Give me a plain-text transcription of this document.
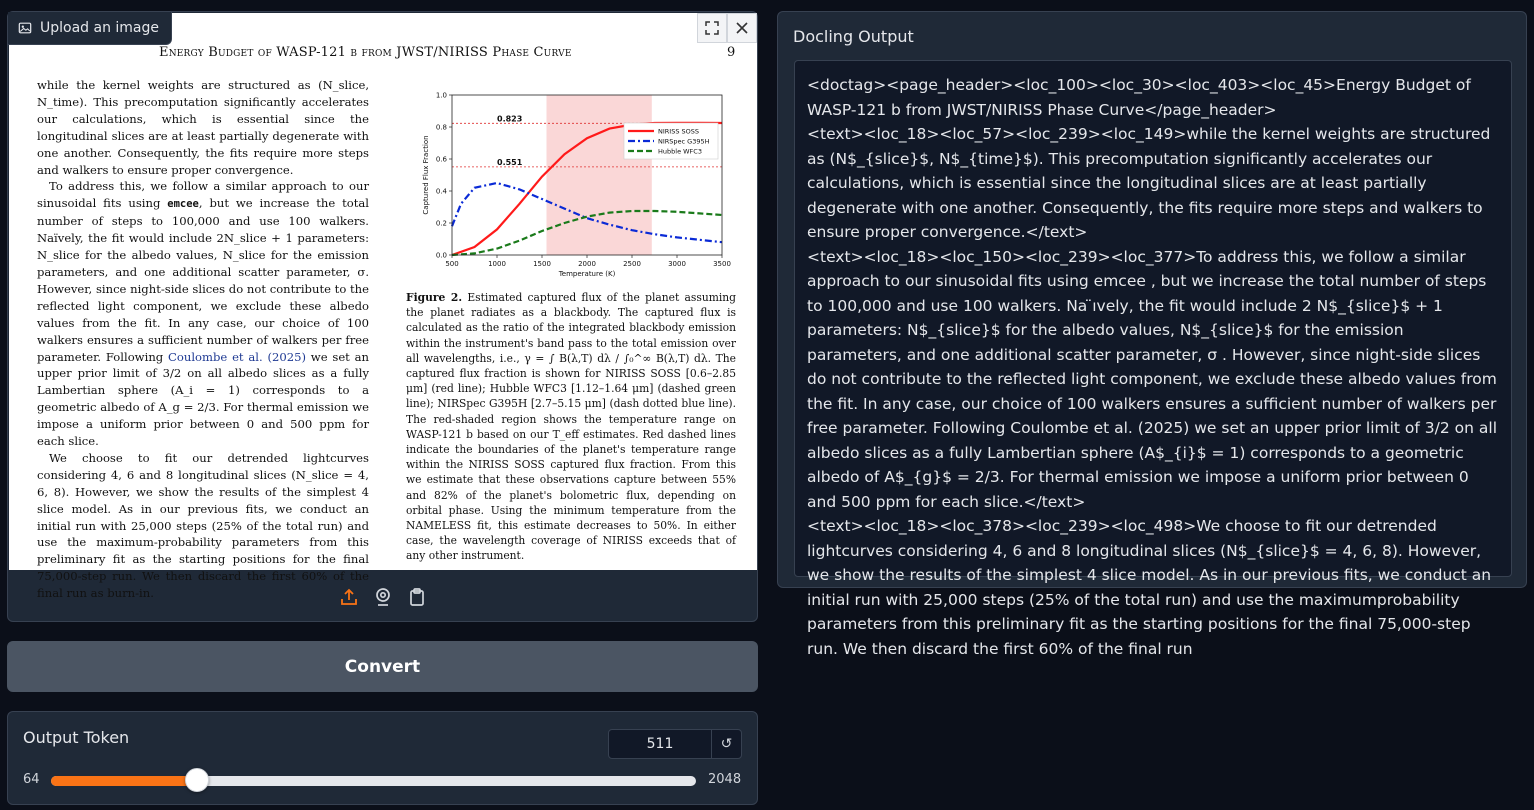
Upload an image
Energy Budget of WASP-121 b from JWST/NIRISS Phase Curve	9

while the kernel weights are structured as (N_slice, N_time). This precomputation significantly accelerates our calculations, which is essential since the longitudinal slices are at least partially degenerate with one another. Consequently, the fits require more steps and walkers to ensure proper convergence.

To address this, we follow a similar approach to our sinusoidal fits using emcee, but we increase the total number of steps to 100,000 and use 100 walkers. Naïvely, the fit would include 2N_slice + 1 parameters: N_slice for the albedo values, N_slice for the emission parameters, and one additional scatter parameter, σ. However, since night-side slices do not contribute to the reflected light component, we exclude these albedo values from the fit. In any case, our choice of 100 walkers ensures a sufficient number of walkers per free parameter. Following Coulombe et al. (2025) we set an upper prior limit of 3/2 on all albedo slices as a fully Lambertian sphere (A_i = 1) corresponds to a geometric albedo of A_g = 2/3. For thermal emission we impose a uniform prior between 0 and 500 ppm for each slice.

We choose to fit our detrended lightcurves considering 4, 6 and 8 longitudinal slices (N_slice = 4, 6, 8). However, we show the results of the simplest 4 slice model. As in our previous fits, we conduct an initial run with 25,000 steps (25% of the total run) and use the maximum-probability parameters from this preliminary fit as the starting positions for the final 75,000-step run. We then discard the first 60% of the final run as burn-in.

0.823
0.551
500	1000	1500	2000	2500	3000	3500
0.0
0.2
0.4
0.6
0.8
1.0
Temperature (K)
Captured Flux Fraction
NIRISS SOSS
NIRSpec G395H
Hubble WFC3
Figure 2. Estimated captured flux of the planet assuming the planet radiates as a blackbody. The captured flux is calculated as the ratio of the integrated blackbody emission within the instrument's band pass to the total emission over all wavelengths, i.e., γ = ∫ B(λ,T) dλ / ∫₀^∞ B(λ,T) dλ. The captured flux fraction is shown for NIRISS SOSS [0.6–2.85 μm] (red line); Hubble WFC3 [1.12–1.64 μm] (dashed green line); NIRSpec G395H [2.7–5.15 μm] (dash dotted blue line). The red-shaded region shows the temperature range on WASP-121 b based on our T_eff estimates. Red dashed lines indicate the boundaries of the planet's temperature range within the NIRISS SOSS captured flux fraction. From this we estimate that these observations capture between 55% and 82% of the planet's bolometric flux, depending on orbital phase. Using the minimum temperature from the NAMELESS fit, this estimate decreases to 50%. In either case, the wavelength coverage of NIRISS exceeds that of any other instrument.
Convert
Output Token
511	↺
64	2048
Docling Output
<doctag><page_header><loc_100><loc_30><loc_403><loc_45>Energy Budget of WASP-121 b from JWST/NIRISS Phase Curve</page_header>
<text><loc_18><loc_57><loc_239><loc_149>while the kernel weights are structured as (N$_{slice}$, N$_{time}$). This precomputation significantly accelerates our calculations, which is essential since the longitudinal slices are at least partially degenerate with one another. Consequently, the fits require more steps and walkers to ensure proper convergence.</text>
<text><loc_18><loc_150><loc_239><loc_377>To address this, we follow a similar approach to our sinusoidal fits using emcee , but we increase the total number of steps to 100,000 and use 100 walkers. Na ̈ıvely, the fit would include 2 N$_{slice}$ + 1 parameters: N$_{slice}$ for the albedo values, N$_{slice}$ for the emission parameters, and one additional scatter parameter, σ . However, since night-side slices do not contribute to the reflected light component, we exclude these albedo values from the fit. In any case, our choice of 100 walkers ensures a sufficient number of walkers per free parameter. Following Coulombe et al. (2025) we set an upper prior limit of 3/2 on all albedo slices as a fully Lambertian sphere (A$_{i}$ = 1) corresponds to a geometric albedo of A$_{g}$ = 2/3. For thermal emission we impose a uniform prior between 0 and 500 ppm for each slice.</text>
<text><loc_18><loc_378><loc_239><loc_498>We choose to fit our detrended lightcurves considering 4, 6 and 8 longitudinal slices (N$_{slice}$ = 4, 6, 8). However, we show the results of the simplest 4 slice model. As in our previous fits, we conduct an initial run with 25,000 steps (25% of the total run) and use the maximumprobability parameters from this preliminary fit as the starting positions for the final 75,000-step run. We then discard the first 60% of the final run
